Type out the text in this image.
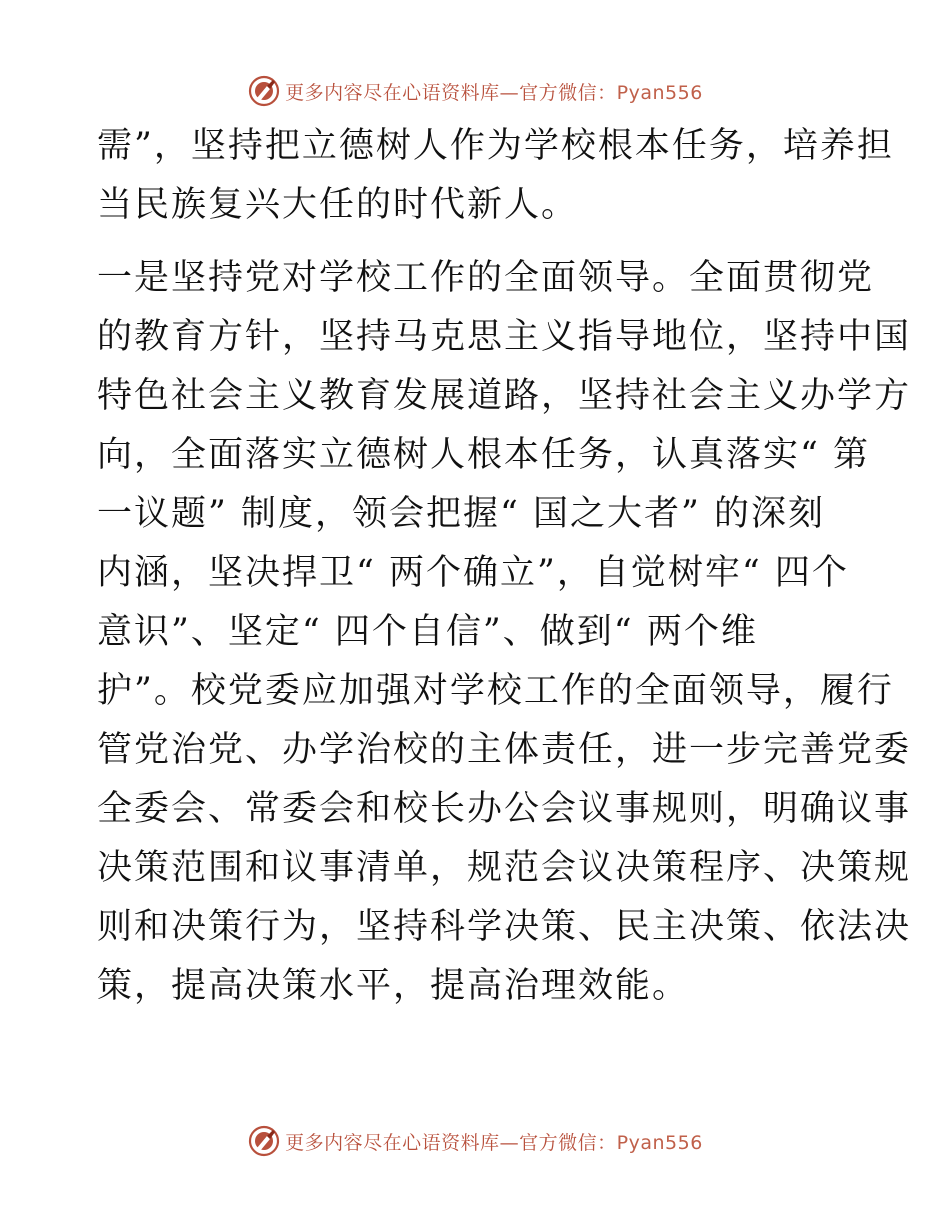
更多内容尽在心语资料库—官方微信：Pyan556
需”，坚持把立德树人作为学校根本任务，培养担
当民族复兴大任的时代新人。
一是坚持党对学校工作的全面领导。全面贯彻党
的教育方针，坚持马克思主义指导地位，坚持中国
特色社会主义教育发展道路，坚持社会主义办学方
向，全面落实立德树人根本任务，认真落实“ 第
一议题” 制度，领会把握“ 国之大者” 的深刻
内涵，坚决捍卫“ 两个确立”，自觉树牢“ 四个
意识”、坚定“ 四个自信”、做到“ 两个维
护”。校党委应加强对学校工作的全面领导，履行
管党治党、办学治校的主体责任，进一步完善党委
全委会、常委会和校长办公会议事规则，明确议事
决策范围和议事清单，规范会议决策程序、决策规
则和决策行为，坚持科学决策、民主决策、依法决
策，提高决策水平，提高治理效能。
更多内容尽在心语资料库—官方微信：Pyan556
